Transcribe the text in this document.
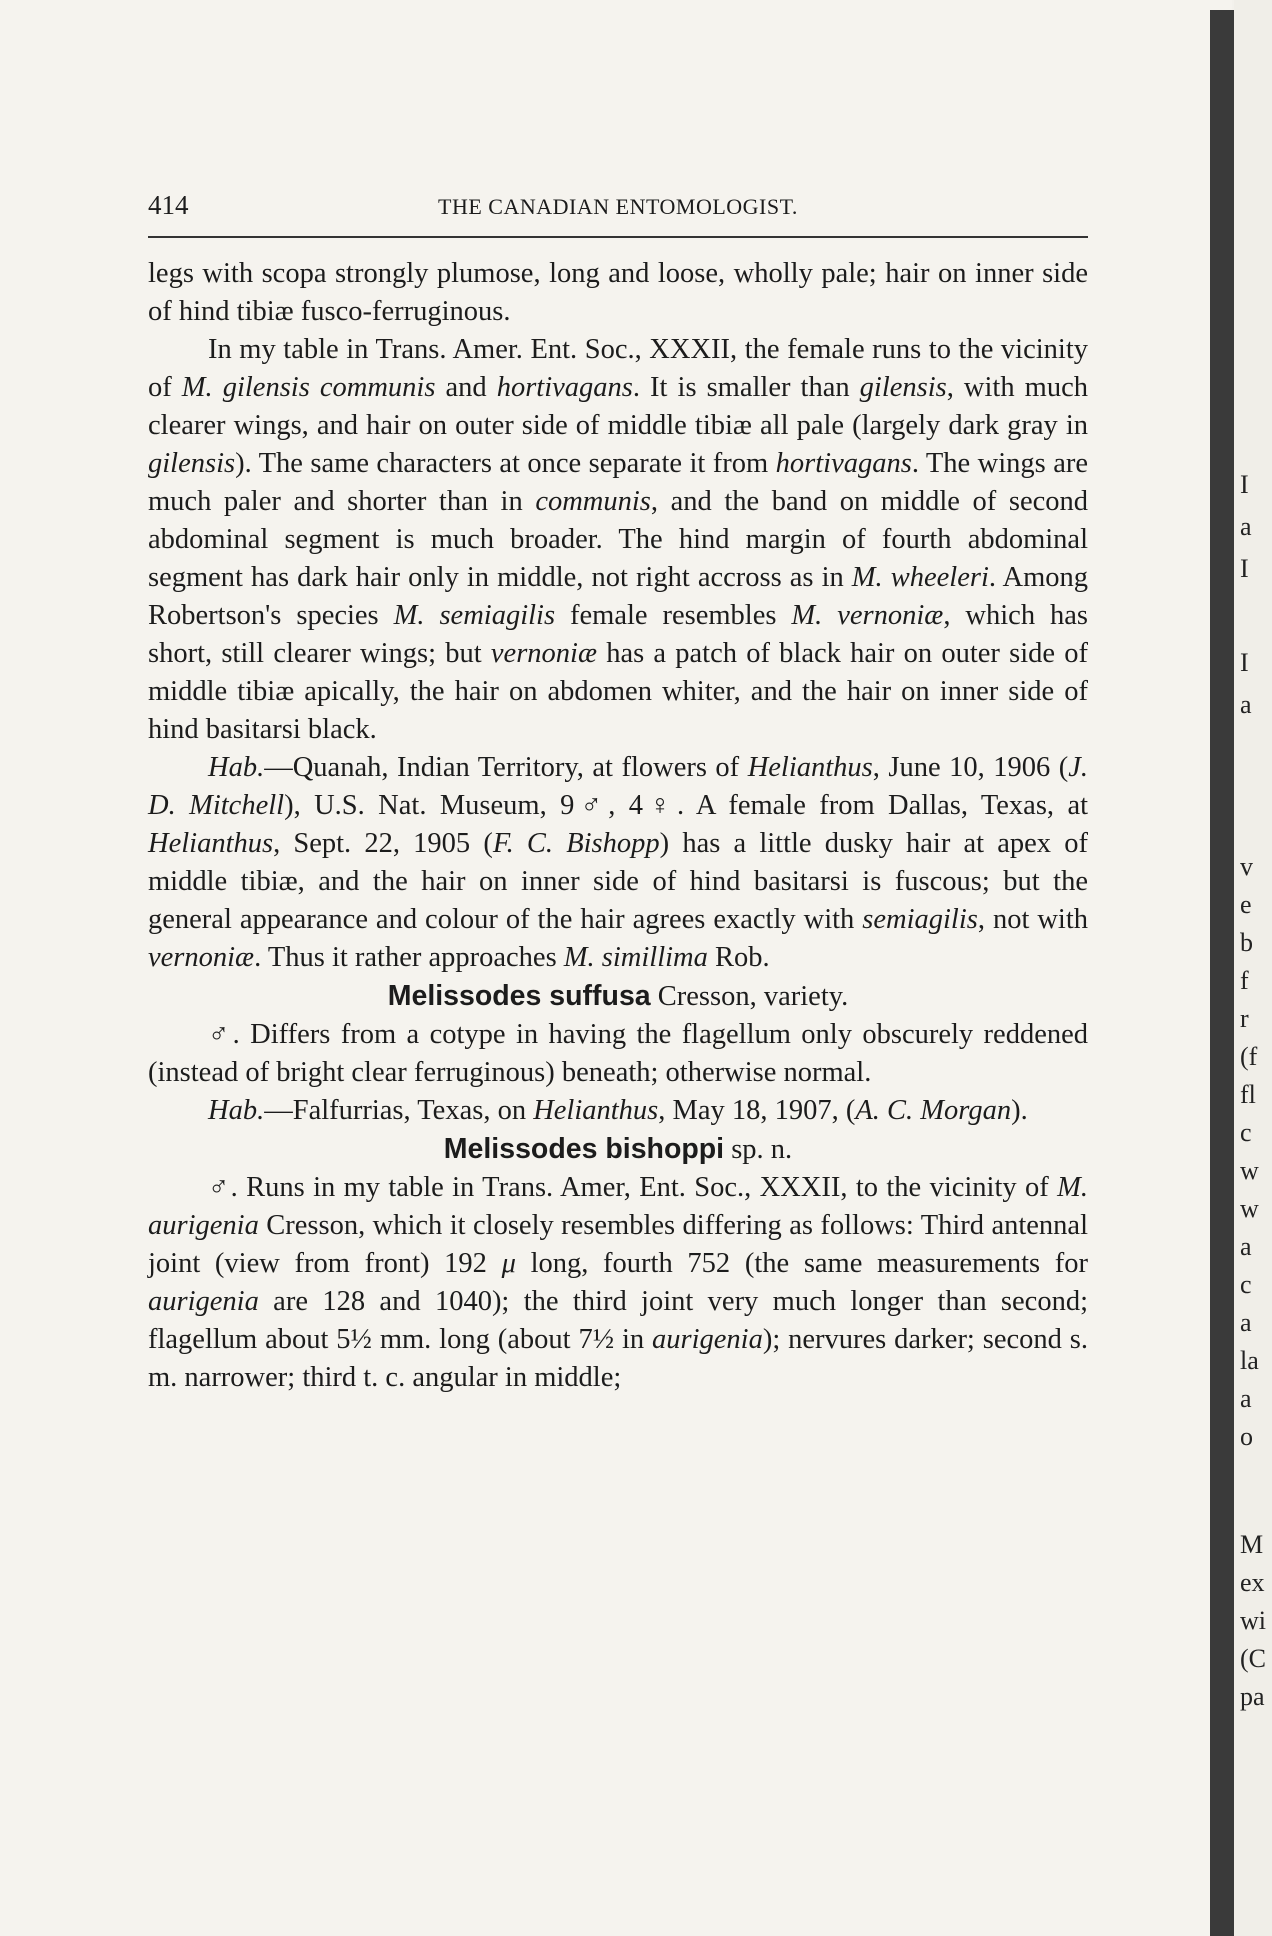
414	THE CANADIAN ENTOMOLOGIST.

legs with scopa strongly plumose, long and loose, wholly pale; hair on inner side of hind tibiæ fusco-ferruginous.

In my table in Trans. Amer. Ent. Soc., XXXII, the female runs to the vicinity of M. gilensis communis and hortivagans. It is smaller than gilensis, with much clearer wings, and hair on outer side of middle tibiæ all pale (largely dark gray in gilensis). The same characters at once separate it from hortivagans. The wings are much paler and shorter than in communis, and the band on middle of second abdominal segment is much broader. The hind margin of fourth abdominal segment has dark hair only in middle, not right accross as in M. wheeleri. Among Robertson's species M. semiagilis female resembles M. vernoniæ, which has short, still clearer wings; but vernoniæ has a patch of black hair on outer side of middle tibiæ apically, the hair on abdomen whiter, and the hair on inner side of hind basitarsi black.

Hab.—Quanah, Indian Territory, at flowers of Helianthus, June 10, 1906 (J. D. Mitchell), U.S. Nat. Museum, 9♂, 4♀. A female from Dallas, Texas, at Helianthus, Sept. 22, 1905 (F. C. Bishopp) has a little dusky hair at apex of middle tibiæ, and the hair on inner side of hind basitarsi is fuscous; but the general appearance and colour of the hair agrees exactly with semiagilis, not with vernoniæ. Thus it rather approaches M. simillima Rob.

Melissodes suffusa Cresson, variety.

♂. Differs from a cotype in having the flagellum only obscurely reddened (instead of bright clear ferruginous) beneath; otherwise normal.

Hab.—Falfurrias, Texas, on Helianthus, May 18, 1907, (A. C. Morgan).

Melissodes bishoppi sp. n.

♂. Runs in my table in Trans. Amer, Ent. Soc., XXXII, to the vicinity of M. aurigenia Cresson, which it closely resembles differing as follows: Third antennal joint (view from front) 192 μ long, fourth 752 (the same measurements for aurigenia are 128 and 1040); the third joint very much longer than second; flagellum about 5½ mm. long (about 7½ in aurigenia); nervures darker; second s. m. narrower; third t. c. angular in middle;

I
a
I
I
a
v
e
b
f
r
(f
fl
c
w
w
a
c
a
la
a
o
M
ex
wi
(C
pa
